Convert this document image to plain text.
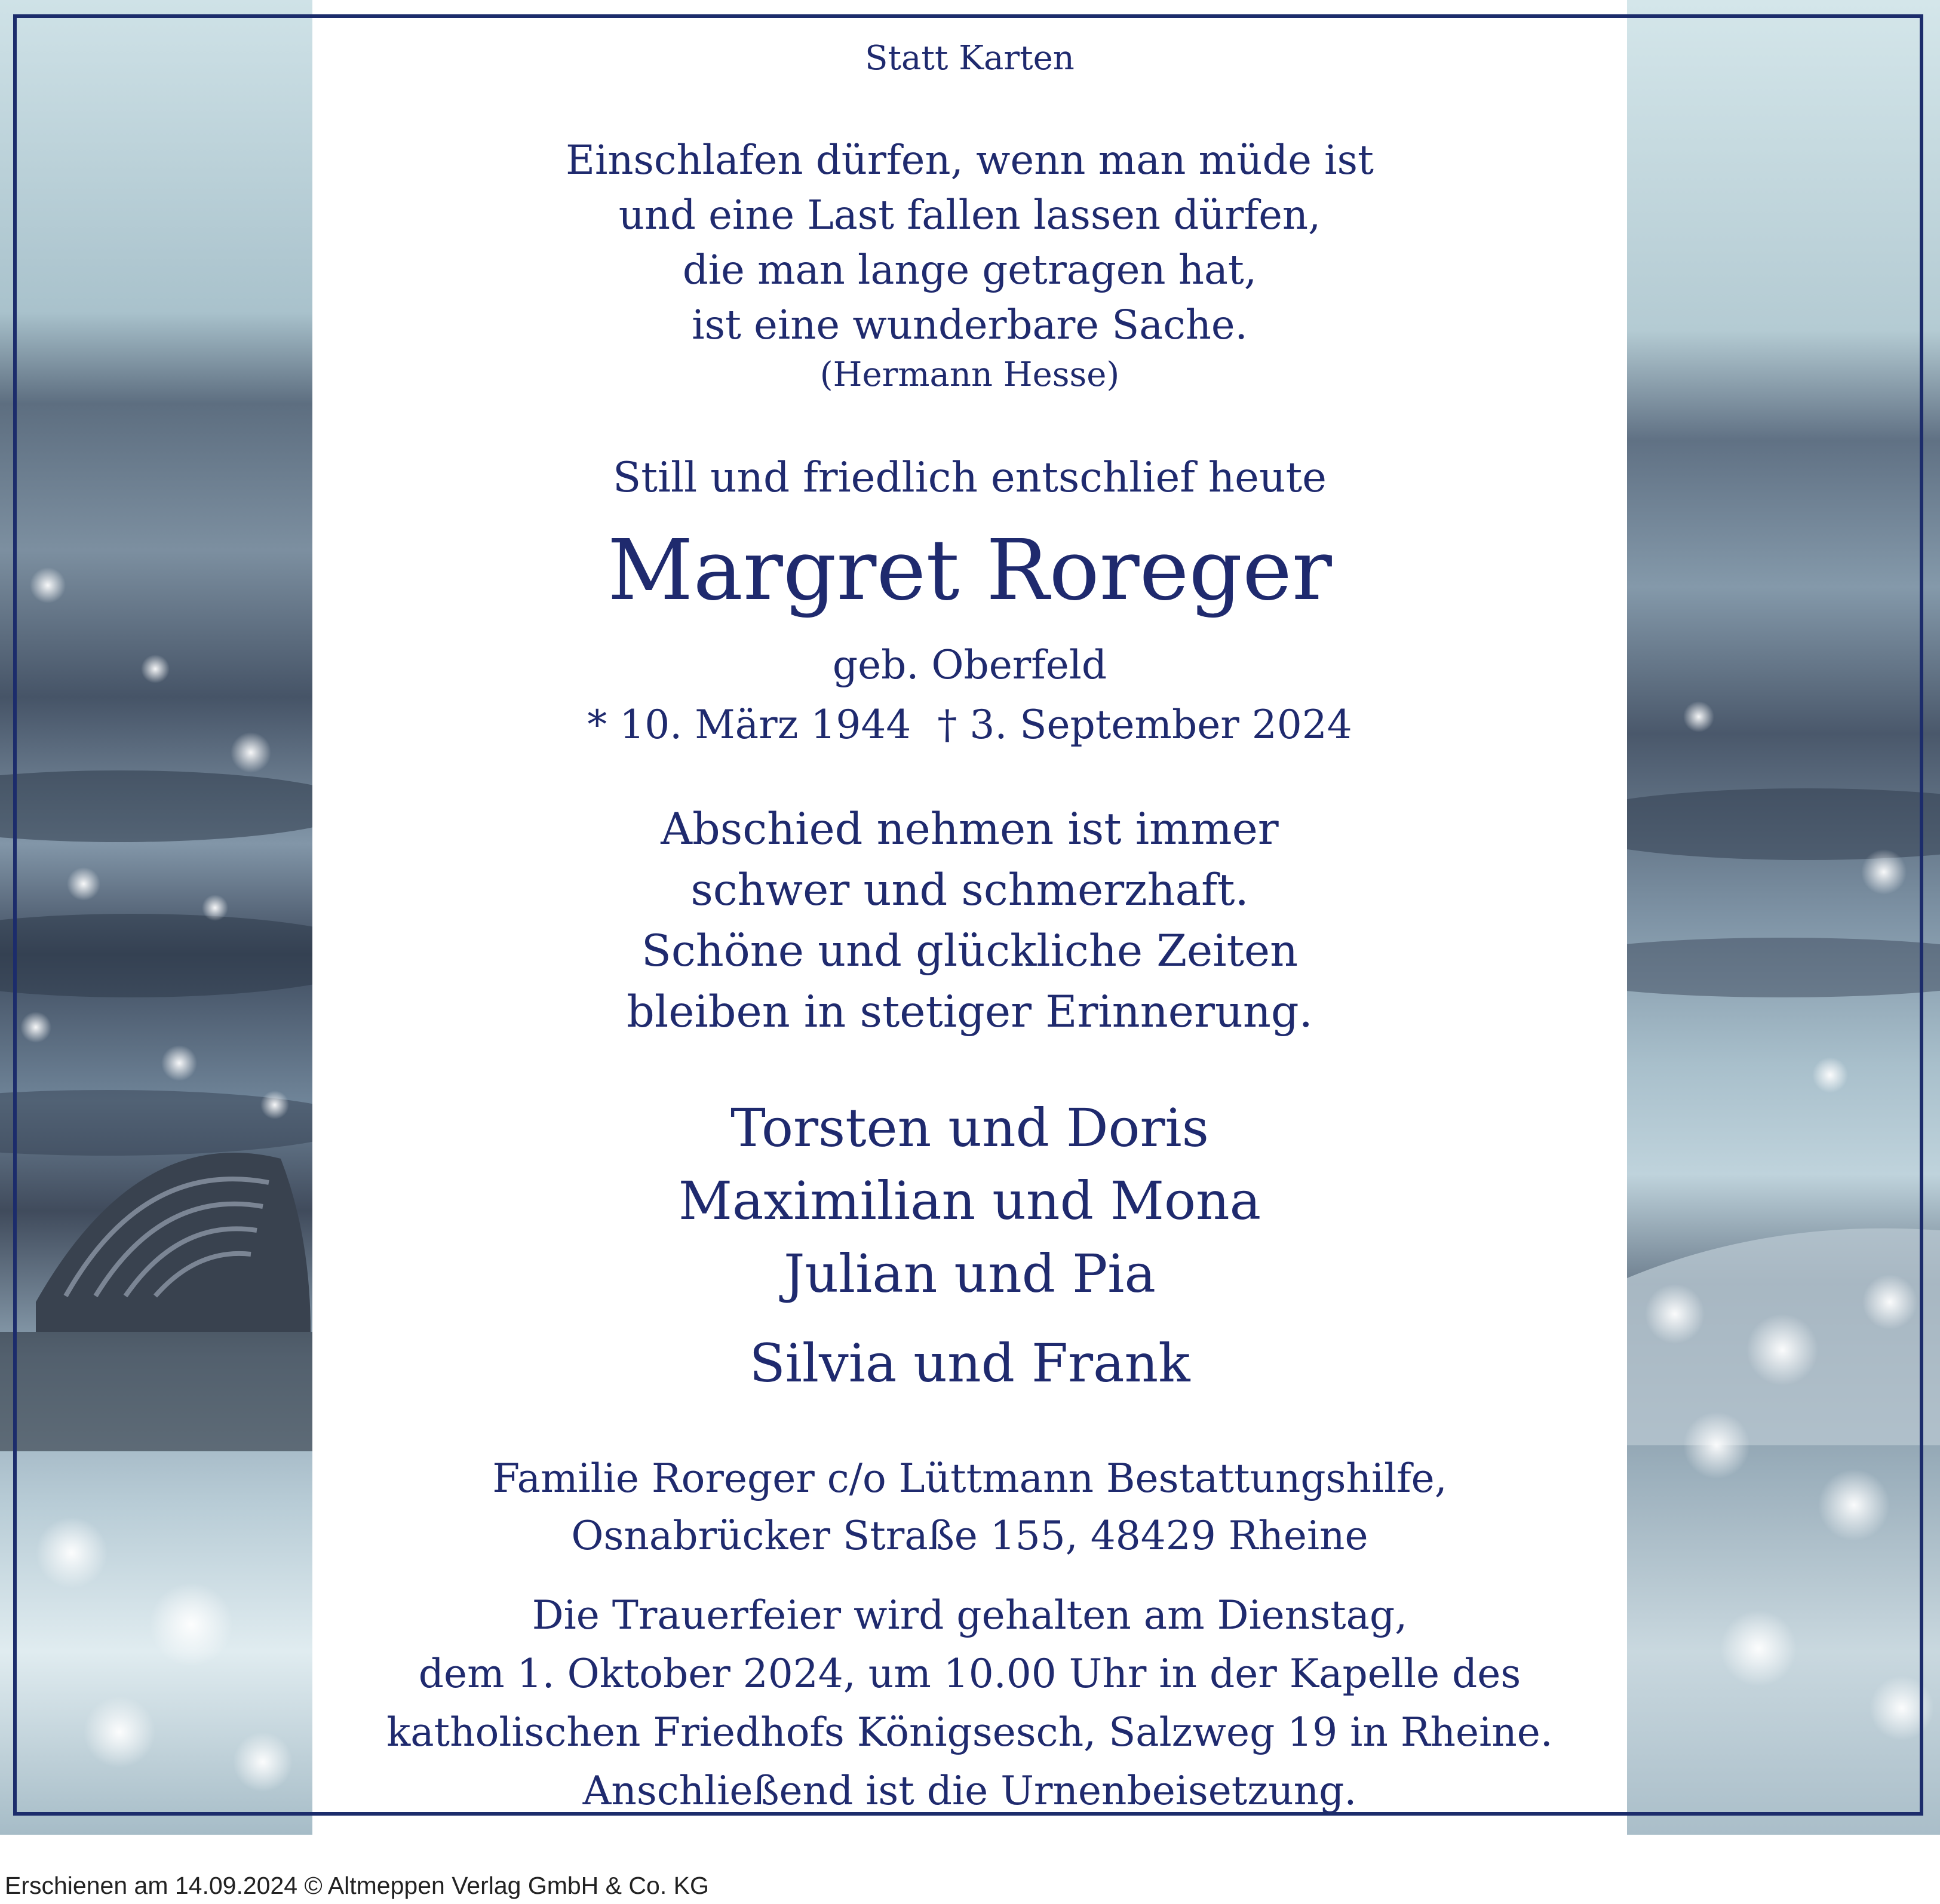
Statt Karten
Einschlafen dürfen, wenn man müde ist
und eine Last fallen lassen dürfen,
die man lange getragen hat,
ist eine wunderbare Sache.
(Hermann Hesse)
Still und friedlich entschlief heute
Margret Roreger
geb. Oberfeld
* 10. März 1944 † 3. September 2024
Abschied nehmen ist immer
schwer und schmerzhaft.
Schöne und glückliche Zeiten
bleiben in stetiger Erinnerung.
Torsten und Doris
Maximilian und Mona
Julian und Pia
Silvia und Frank
Familie Roreger c/o Lüttmann Bestattungshilfe,
Osnabrücker Straße 155, 48429 Rheine
Die Trauerfeier wird gehalten am Dienstag,
dem 1. Oktober 2024, um 10.00 Uhr in der Kapelle des
katholischen Friedhofs Königsesch, Salzweg 19 in Rheine.
Anschließend ist die Urnenbeisetzung.
Erschienen am 14.09.2024 © Altmeppen Verlag GmbH & Co. KG
